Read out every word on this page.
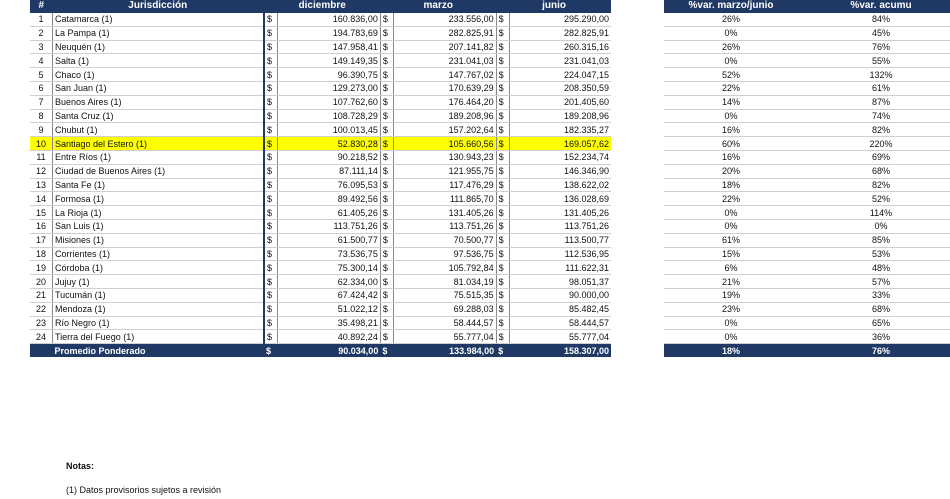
#	Jurisdicción	diciembre		marzo		junio	
1	Catamarca (1)	$	160.836,00	$	233.556,00	$	295.290,00
2	La Pampa (1)	$	194.783,69	$	282.825,91	$	282.825,91
3	Neuquén (1)	$	147.958,41	$	207.141,82	$	260.315,16
4	Salta (1)	$	149.149,35	$	231.041,03	$	231.041,03
5	Chaco (1)	$	96.390,75	$	147.767,02	$	224.047,15
6	San Juan (1)	$	129.273,00	$	170.639,29	$	208.350,59
7	Buenos Aires (1)	$	107.762,60	$	176.464,20	$	201.405,60
8	Santa Cruz (1)	$	108.728,29	$	189.208,96	$	189.208,96
9	Chubut (1)	$	100.013,45	$	157.202,64	$	182.335,27
10	Santiago del Estero (1)	$	52.830,28	$	105.660,56	$	169.057,62
11	Entre Ríos (1)	$	90.218,52	$	130.943,23	$	152.234,74
12	Ciudad de Buenos Aires (1)	$	87.111,14	$	121.955,75	$	146.346,90
13	Santa Fe (1)	$	76.095,53	$	117.476,29	$	138.622,02
14	Formosa (1)	$	89.492,56	$	111.865,70	$	136.028,69
15	La Rioja (1)	$	61.405,26	$	131.405,26	$	131.405,26
16	San Luis (1)	$	113.751,26	$	113.751,26	$	113.751,26
17	Misiones (1)	$	61.500,77	$	70.500,77	$	113.500,77
18	Corrientes (1)	$	73.536,75	$	97.536,75	$	112.536,95
19	Córdoba (1)	$	75.300,14	$	105.792,84	$	111.622,31
20	Jujuy (1)	$	62.334,00	$	81.034,19	$	98.051,37
21	Tucumán (1)	$	67.424,42	$	75.515,35	$	90.000,00
22	Mendoza (1)	$	51.022,12	$	69.288,03	$	85.482,45
23	Río Negro (1)	$	35.498,21	$	58.444,57	$	58.444,57
24	Tierra del Fuego (1)	$	40.892,24	$	55.777,04	$	55.777,04
	Promedio Ponderado	$	90.034,00	$	133.984,00	$	158.307,00

%var. marzo/junio	%var. acumu
26%	84%
0%	45%
26%	76%
0%	55%
52%	132%
22%	61%
14%	87%
0%	74%
16%	82%
60%	220%
16%	69%
20%	68%
18%	82%
22%	52%
0%	114%
0%	0%
61%	85%
15%	53%
6%	48%
21%	57%
19%	33%
23%	68%
0%	65%
0%	36%
18%	76%
Notas:
(1) Datos provisorios sujetos a revisión
